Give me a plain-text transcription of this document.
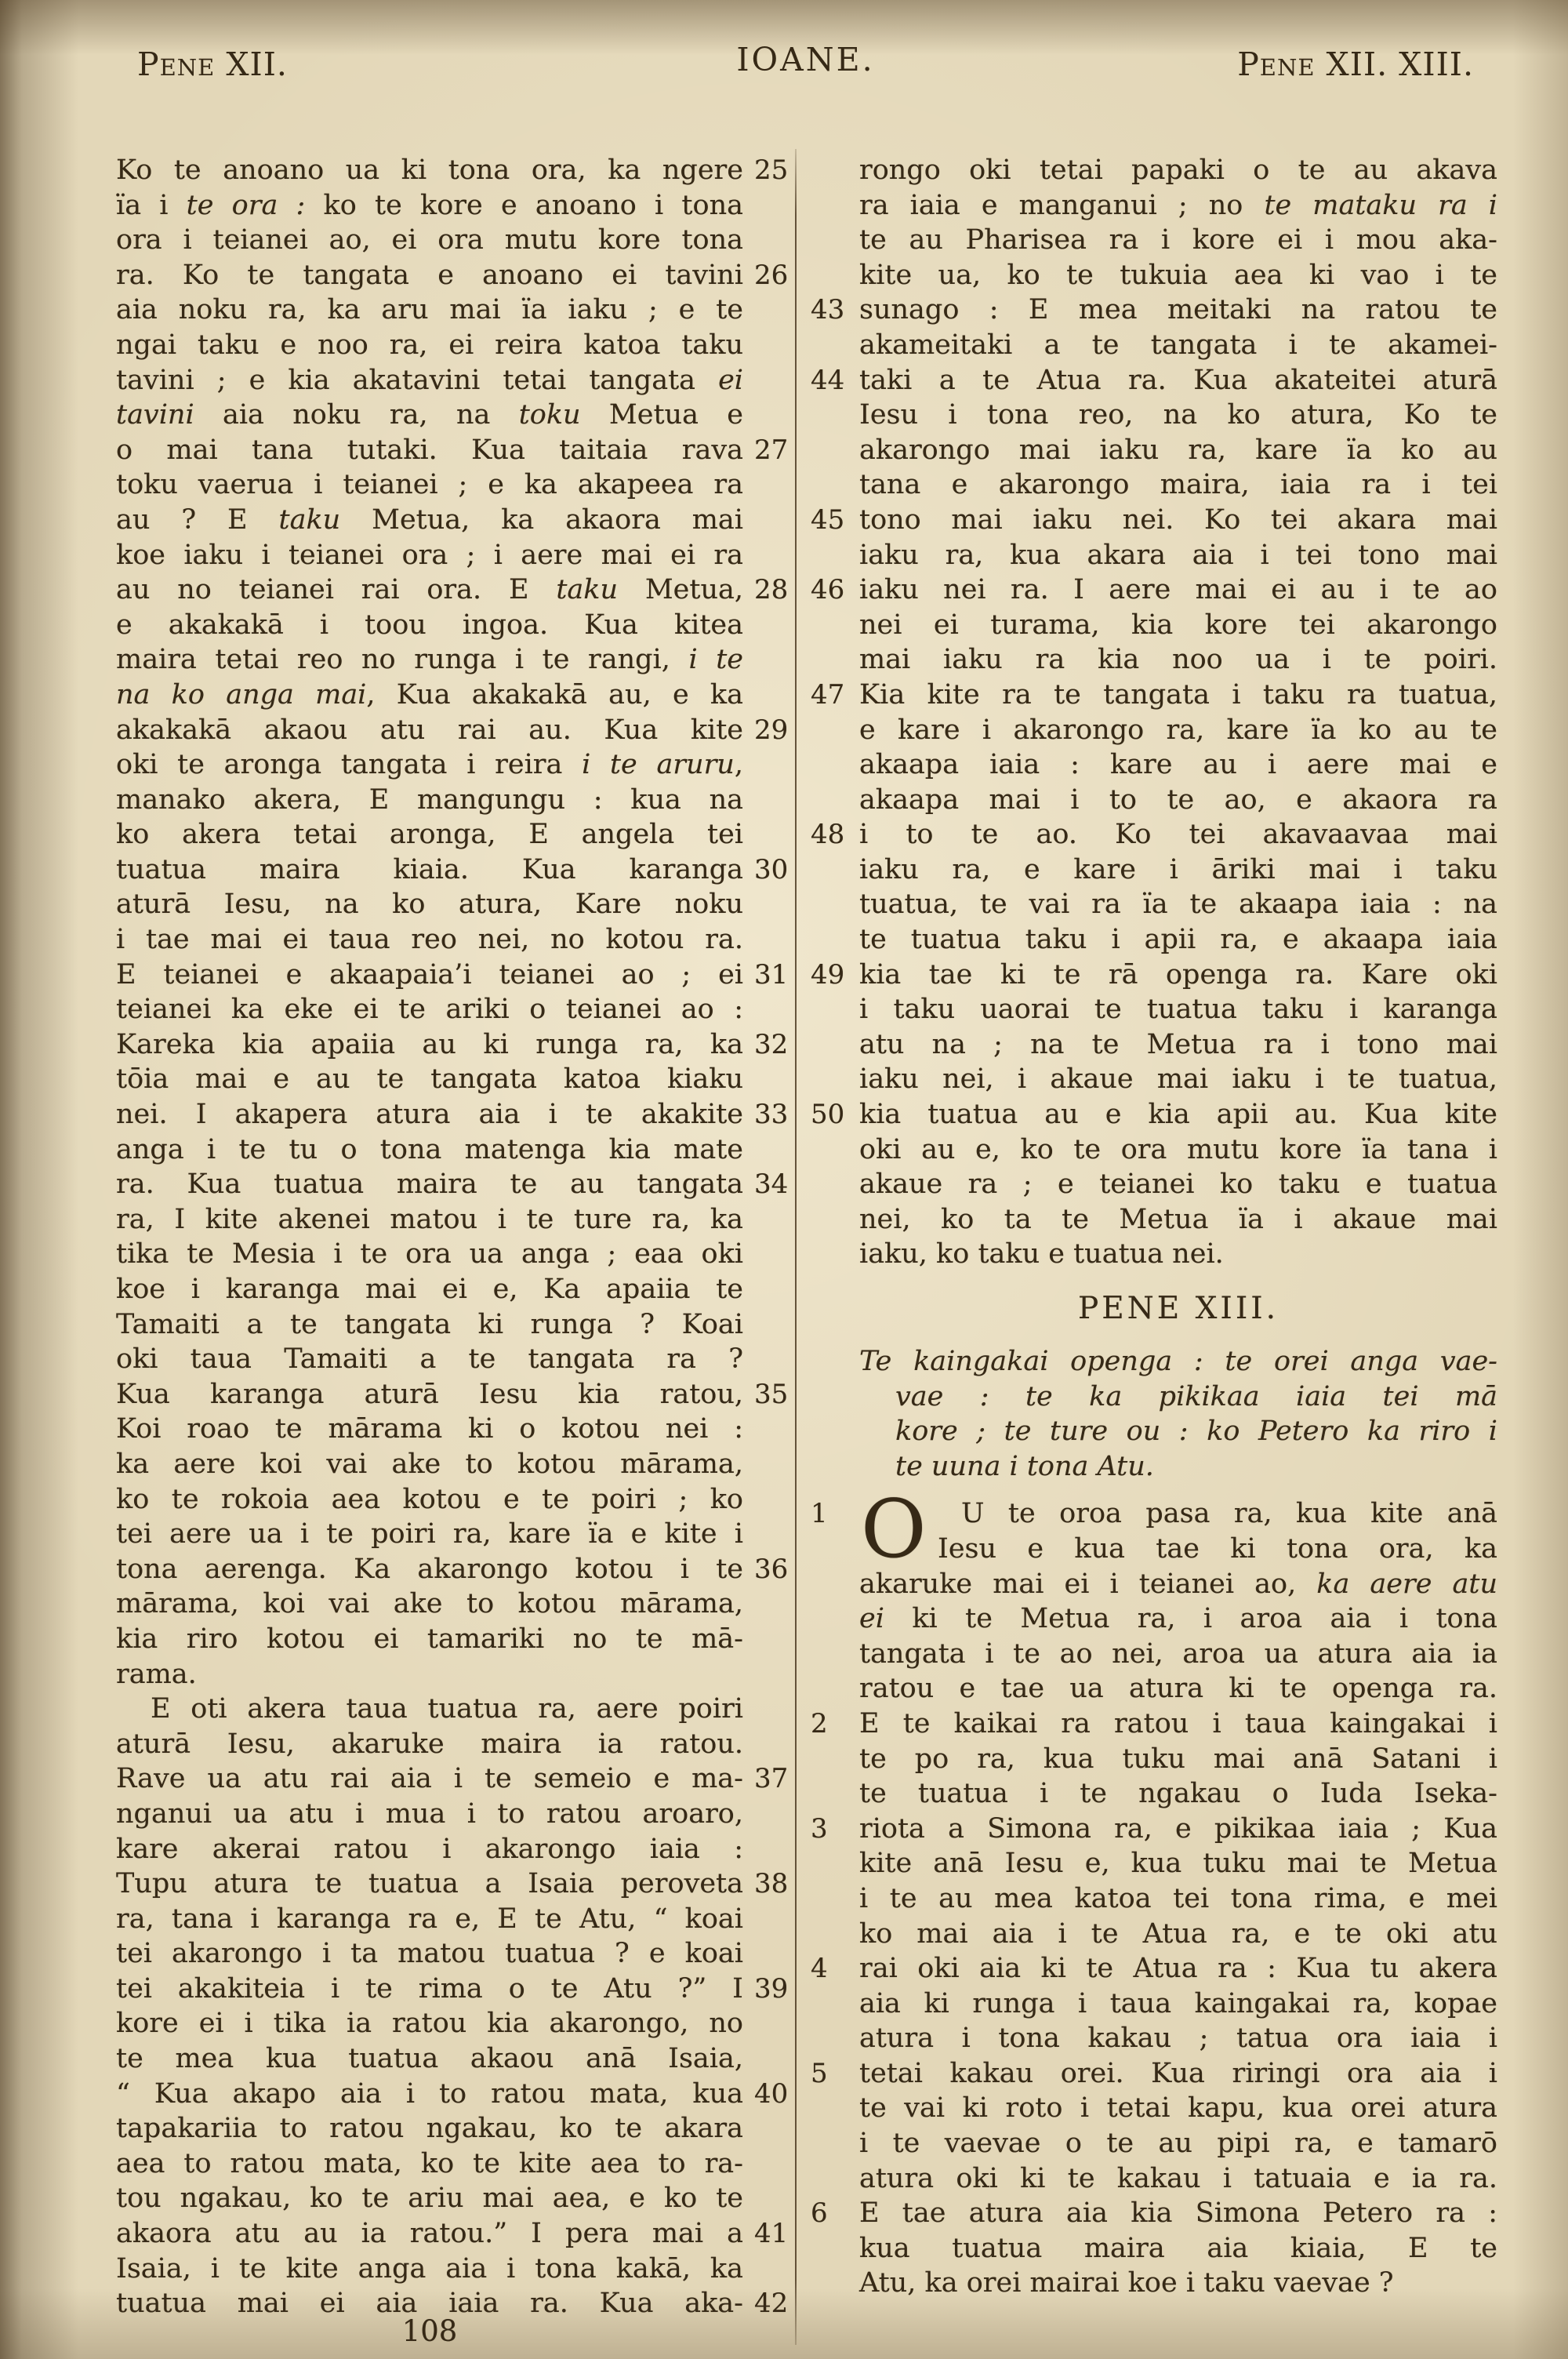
Pene XII.	IOANE.	Pene XII. XIII.
Ko te anoano ua ki tona ora, ka ngere 25
ïa i te ora : ko te kore e anoano i tona
ora i teianei ao, ei ora mutu kore tona
ra. Ko te tangata e anoano ei tavini 26
aia noku ra, ka aru mai ïa iaku ; e te
ngai taku e noo ra, ei reira katoa taku
tavini ; e kia akatavini tetai tangata ei
tavini aia noku ra, na toku Metua e
o mai tana tutaki. Kua taitaia rava 27
toku vaerua i teianei ; e ka akapeea ra
au ? E taku Metua, ka akaora mai
koe iaku i teianei ora ; i aere mai ei ra
au no teianei rai ora. E taku Metua, 28
e akakakā i toou ingoa. Kua kitea
maira tetai reo no runga i te rangi, i te
na ko anga mai, Kua akakakā au, e ka
akakakā akaou atu rai au. Kua kite 29
oki te aronga tangata i reira i te aruru,
manako akera, E mangungu : kua na
ko akera tetai aronga, E angela tei
tuatua maira kiaia. Kua karanga 30
aturā Iesu, na ko atura, Kare noku
i tae mai ei taua reo nei, no kotou ra.
E teianei e akaapaia’i teianei ao ; ei 31
teianei ka eke ei te ariki o teianei ao :
Kareka kia apaiia au ki runga ra, ka 32
tōia mai e au te tangata katoa kiaku
nei. I akapera atura aia i te akakite 33
anga i te tu o tona matenga kia mate
ra. Kua tuatua maira te au tangata 34
ra, I kite akenei matou i te ture ra, ka
tika te Mesia i te ora ua anga ; eaa oki
koe i karanga mai ei e, Ka apaiia te
Tamaiti a te tangata ki runga ? Koai
oki taua Tamaiti a te tangata ra ?
Kua karanga aturā Iesu kia ratou, 35
Koi roao te mārama ki o kotou nei :
ka aere koi vai ake to kotou mārama,
ko te rokoia aea kotou e te poiri ; ko
tei aere ua i te poiri ra, kare ïa e kite i
tona aerenga. Ka akarongo kotou i te 36
mārama, koi vai ake to kotou mārama,
kia riro kotou ei tamariki no te mā-
rama.
E oti akera taua tuatua ra, aere poiri
aturā Iesu, akaruke maira ia ratou.
Rave ua atu rai aia i te semeio e ma- 37
nganui ua atu i mua i to ratou aroaro,
kare akerai ratou i akarongo iaia :
Tupu atura te tuatua a Isaia peroveta 38
ra, tana i karanga ra e, E te Atu, “ koai
tei akarongo i ta matou tuatua ? e koai
tei akakiteia i te rima o te Atu ?” I 39
kore ei i tika ia ratou kia akarongo, no
te mea kua tuatua akaou anā Isaia,
“ Kua akapo aia i to ratou mata, kua 40
tapakariia to ratou ngakau, ko te akara
aea to ratou mata, ko te kite aea to ra-
tou ngakau, ko te ariu mai aea, e ko te
akaora atu au ia ratou.” I pera mai a 41
Isaia, i te kite anga aia i tona kakā, ka
tuatua mai ei aia iaia ra. Kua aka- 42
rongo oki tetai papaki o te au akava
ra iaia e manganui ; no te mataku ra i
te au Pharisea ra i kore ei i mou aka-
kite ua, ko te tukuia aea ki vao i te
sunago : E mea meitaki na ratou te
43
akameitaki a te tangata i te akamei-
taki a te Atua ra. Kua akateitei aturā
44
Iesu i tona reo, na ko atura, Ko te
akarongo mai iaku ra, kare ïa ko au
tana e akarongo maira, iaia ra i tei
tono mai iaku nei. Ko tei akara mai
45
iaku ra, kua akara aia i tei tono mai
iaku nei ra. I aere mai ei au i te ao
46
nei ei turama, kia kore tei akarongo
mai iaku ra kia noo ua i te poiri.
Kia kite ra te tangata i taku ra tuatua,
47
e kare i akarongo ra, kare ïa ko au te
akaapa iaia : kare au i aere mai e
akaapa mai i to te ao, e akaora ra
i to te ao. Ko tei akavaavaa mai
48
iaku ra, e kare i āriki mai i taku
tuatua, te vai ra ïa te akaapa iaia : na
te tuatua taku i apii ra, e akaapa iaia
kia tae ki te rā openga ra. Kare oki
49
i taku uaorai te tuatua taku i karanga
atu na ; na te Metua ra i tono mai
iaku nei, i akaue mai iaku i te tuatua,
kia tuatua au e kia apii au. Kua kite
50
oki au e, ko te ora mutu kore ïa tana i
akaue ra ; e teianei ko taku e tuatua
nei, ko ta te Metua ïa i akaue mai
iaku, ko taku e tuatua nei.
PENE XIII.
Te kaingakai openga : te orei anga vae-
vae : te ka pikikaa iaia tei mā
kore ; te ture ou : ko Petero ka riro i
te uuna i tona Atu.
O	U te oroa pasa ra, kua kite anā
1
Iesu e kua tae ki tona ora, ka
akaruke mai ei i teianei ao, ka aere atu
ei ki te Metua ra, i aroa aia i tona
tangata i te ao nei, aroa ua atura aia ia
ratou e tae ua atura ki te openga ra.
E te kaikai ra ratou i taua kaingakai i
2
te po ra, kua tuku mai anā Satani i
te tuatua i te ngakau o Iuda Iseka-
riota a Simona ra, e pikikaa iaia ; Kua
3
kite anā Iesu e, kua tuku mai te Metua
i te au mea katoa tei tona rima, e mei
ko mai aia i te Atua ra, e te oki atu
rai oki aia ki te Atua ra : Kua tu akera
4
aia ki runga i taua kaingakai ra, kopae
atura i tona kakau ; tatua ora iaia i
tetai kakau orei. Kua riringi ora aia i
5
te vai ki roto i tetai kapu, kua orei atura
i te vaevae o te au pipi ra, e tamarō
atura oki ki te kakau i tatuaia e ia ra.
E tae atura aia kia Simona Petero ra :
6
kua tuatua maira aia kiaia, E te
Atu, ka orei mairai koe i taku vaevae ?
108
